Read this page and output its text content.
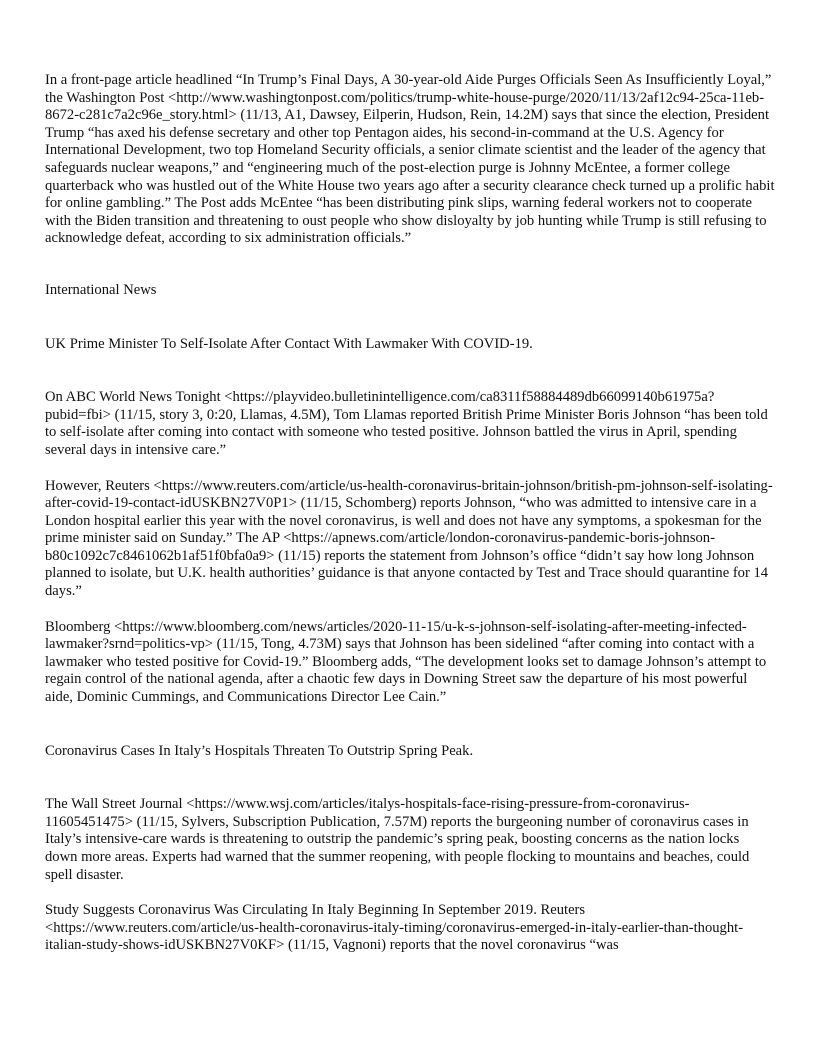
In a front-page article headlined “In Trump’s Final Days, A 30-year-old Aide Purges Officials Seen As Insufficiently Loyal,” the Washington Post <http://www.washingtonpost.com/politics/trump-white-house-purge/2020/11/13/2af12c94-25ca-11eb-8672-c281c7a2c96e_story.html> (11/13, A1, Dawsey, Eilperin, Hudson, Rein, 14.2M) says that since the election, President Trump “has axed his defense secretary and other top Pentagon aides, his second-in-command at the U.S. Agency for International Development, two top Homeland Security officials, a senior climate scientist and the leader of the agency that safeguards nuclear weapons,” and “engineering much of the post-election purge is Johnny McEntee, a former college quarterback who was hustled out of the White House two years ago after a security clearance check turned up a prolific habit for online gambling.” The Post adds McEntee “has been distributing pink slips, warning federal workers not to cooperate with the Biden transition and threatening to oust people who show disloyalty by job hunting while Trump is still refusing to acknowledge defeat, according to six administration officials.”

International News

UK Prime Minister To Self-Isolate After Contact With Lawmaker With COVID-19.

On ABC World News Tonight <https://playvideo.bulletinintelligence.com/ca8311f58884489db66099140b61975a?pubid=fbi> (11/15, story 3, 0:20, Llamas, 4.5M), Tom Llamas reported British Prime Minister Boris Johnson “has been told to self-isolate after coming into contact with someone who tested positive. Johnson battled the virus in April, spending several days in intensive care.”

However, Reuters <https://www.reuters.com/article/us-health-coronavirus-britain-johnson/british-pm-johnson-self-isolating-after-covid-19-contact-idUSKBN27V0P1> (11/15, Schomberg) reports Johnson, “who was admitted to intensive care in a London hospital earlier this year with the novel coronavirus, is well and does not have any symptoms, a spokesman for the prime minister said on Sunday.” The AP <https://apnews.com/article/london-coronavirus-pandemic-boris-johnson-b80c1092c7c8461062b1af51f0bfa0a9> (11/15) reports the statement from Johnson’s office “didn’t say how long Johnson planned to isolate, but U.K. health authorities’ guidance is that anyone contacted by Test and Trace should quarantine for 14 days.”

Bloomberg <https://www.bloomberg.com/news/articles/2020-11-15/u-k-s-johnson-self-isolating-after-meeting-infected-lawmaker?srnd=politics-vp> (11/15, Tong, 4.73M) says that Johnson has been sidelined “after coming into contact with a lawmaker who tested positive for Covid-19.” Bloomberg adds, “The development looks set to damage Johnson’s attempt to regain control of the national agenda, after a chaotic few days in Downing Street saw the departure of his most powerful aide, Dominic Cummings, and Communications Director Lee Cain.”

Coronavirus Cases In Italy’s Hospitals Threaten To Outstrip Spring Peak.

The Wall Street Journal <https://www.wsj.com/articles/italys-hospitals-face-rising-pressure-from-coronavirus-11605451475> (11/15, Sylvers, Subscription Publication, 7.57M) reports the burgeoning number of coronavirus cases in Italy’s intensive-care wards is threatening to outstrip the pandemic’s spring peak, boosting concerns as the nation locks down more areas. Experts had warned that the summer reopening, with people flocking to mountains and beaches, could spell disaster.

Study Suggests Coronavirus Was Circulating In Italy Beginning In September 2019. Reuters <https://www.reuters.com/article/us-health-coronavirus-italy-timing/coronavirus-emerged-in-italy-earlier-than-thought-italian-study-shows-idUSKBN27V0KF> (11/15, Vagnoni) reports that the novel coronavirus “was
